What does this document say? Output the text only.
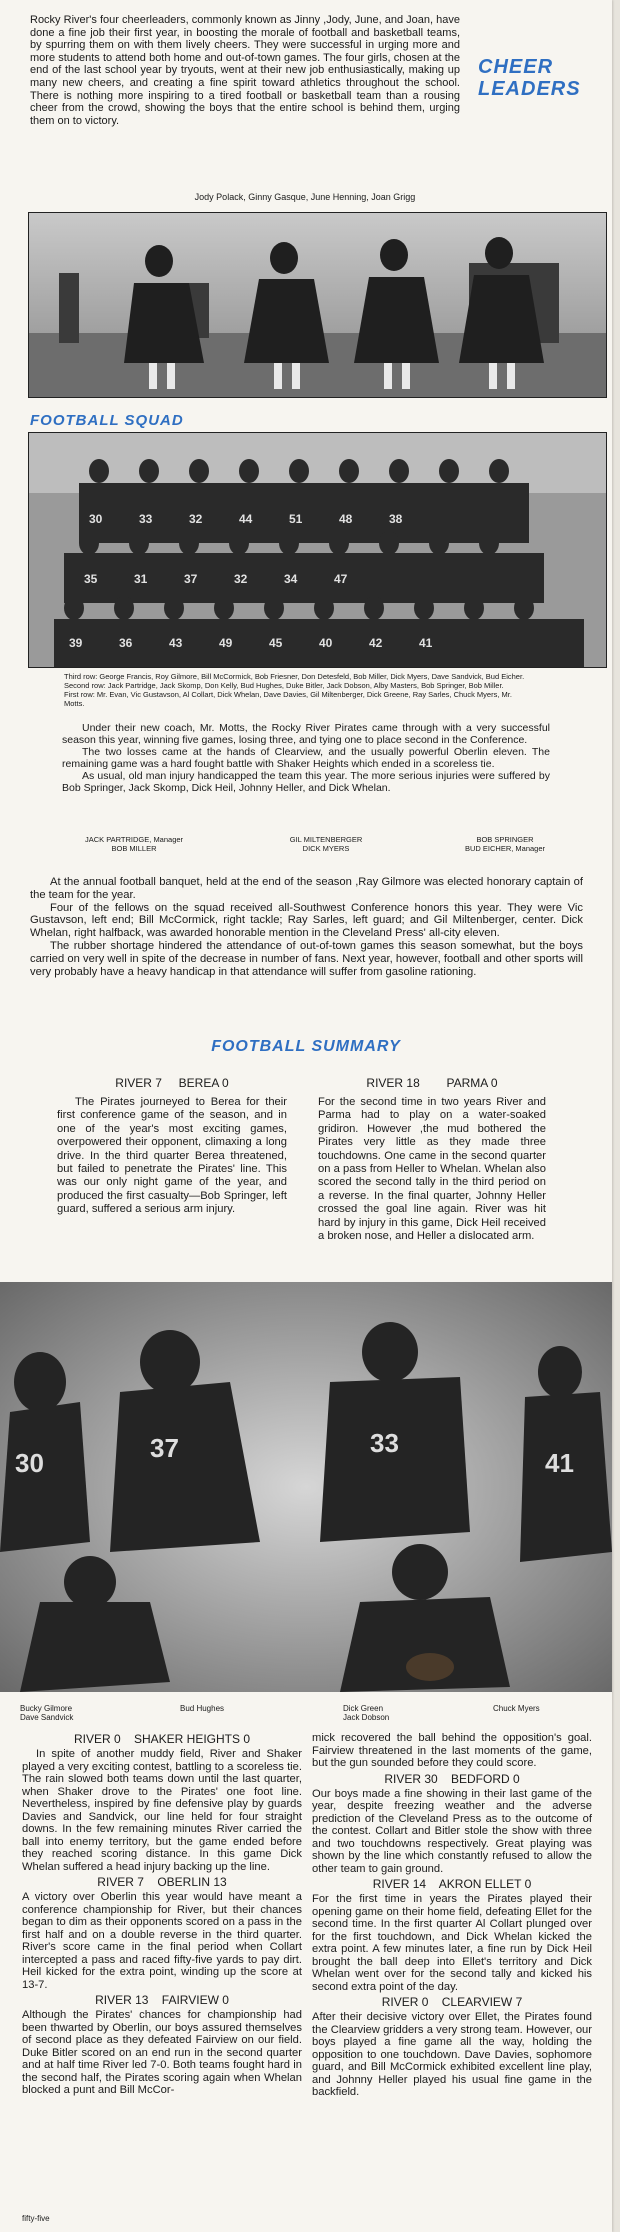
Rocky River's four cheerleaders, commonly known as Jinny ,Jody, June, and Joan, have done a fine job their first year, in boosting the morale of football and basketball teams, by spurring them on with them lively cheers. They were successful in urging more and more students to attend both home and out-of-town games. The four girls, chosen at the end of the last school year by tryouts, went at their new job enthusiastically, making up many new cheers, and creating a fine spirit toward athletics throughout the school. There is nothing more inspiring to a tired football or basketball team than a rousing cheer from the crowd, showing the boys that the entire school is behind them, urging them on to victory.
CHEER
LEADERS
Jody Polack, Ginny Gasque, June Henning, Joan Grigg
FOOTBALL SQUAD
30	33	32	44	51	48	38
35	31	37	32	34	47
39	36	43	49	45	40	42	41
Third row: George Francis, Roy Gilmore, Bill McCormick, Bob Friesner, Don Detesfeld, Bob Miller, Dick Myers, Dave Sandvick, Bud Eicher.
Second row: Jack Partridge, Jack Skomp, Don Kelly, Bud Hughes, Duke Bitler, Jack Dobson, Alby Masters, Bob Springer, Bob Miller.
First row: Mr. Evan, Vic Gustavson, Al Collart, Dick Whelan, Dave Davies, Gil Miltenberger, Dick Greene, Ray Sarles, Chuck Myers, Mr. Motts.
Under their new coach, Mr. Motts, the Rocky River Pirates came through with a very successful season this year, winning five games, losing three, and tying one to place second in the Conference.
The two losses came at the hands of Clearview, and the usually powerful Oberlin eleven. The remaining game was a hard fought battle with Shaker Heights which ended in a scoreless tie.
As usual, old man injury handicapped the team this year. The more serious injuries were suffered by Bob Springer, Jack Skomp, Dick Heil, Johnny Heller, and Dick Whelan.
JACK PARTRIDGE, Manager
BOB MILLER
GIL MILTENBERGER
DICK MYERS
BOB SPRINGER
BUD EICHER, Manager
At the annual football banquet, held at the end of the season ,Ray Gilmore was elected honorary captain of the team for the year.
Four of the fellows on the squad received all-Southwest Conference honors this year. They were Vic Gustavson, left end; Bill McCormick, right tackle; Ray Sarles, left guard; and Gil Miltenberger, center. Dick Whelan, right halfback, was awarded honorable mention in the Cleveland Press' all-city eleven.
The rubber shortage hindered the attendance of out-of-town games this season somewhat, but the boys carried on very well in spite of the decrease in number of fans. Next year, however, football and other sports will very probably have a heavy handicap in that attendance will suffer from gasoline rationing.
FOOTBALL SUMMARY
RIVER 7     BEREA 0
The Pirates journeyed to Berea for their first conference game of the season, and in one of the year's most exciting games, overpowered their opponent, climaxing a long drive. In the third quarter Berea threatened, but failed to penetrate the Pirates' line. This was our only night game of the year, and produced the first casualty—Bob Springer, left guard, suffered a serious arm injury.
RIVER 18        PARMA 0
For the second time in two years River and Parma had to play on a water-soaked gridiron. However ,the mud bothered the Pirates very little as they made three touchdowns. One came in the second quarter on a pass from Heller to Whelan. Whelan also scored the second tally in the third period on a reverse. In the final quarter, Johnny Heller crossed the goal line again. River was hit hard by injury in this game, Dick Heil received a broken nose, and Heller a dislocated arm.
30	37	33
41
Bucky Gilmore
Dave Sandvick
Bud Hughes	Dick Green
Jack Dobson
Chuck Myers
RIVER 0    SHAKER HEIGHTS 0
In spite of another muddy field, River and Shaker played a very exciting contest, battling to a scoreless tie. The rain slowed both teams down until the last quarter, when Shaker drove to the Pirates' one foot line. Nevertheless, inspired by fine defensive play by guards Davies and Sandvick, our line held for four straight downs. In the few remaining minutes River carried the ball into enemy territory, but the game ended before they reached scoring distance. In this game Dick Whelan suffered a head injury backing up the line.
RIVER 7    OBERLIN 13
A victory over Oberlin this year would have meant a conference championship for River, but their chances began to dim as their opponents scored on a pass in the first half and on a double reverse in the third quarter. River's score came in the final period when Collart intercepted a pass and raced fifty-five yards to pay dirt. Heil kicked for the extra point, winding up the score at 13-7.
RIVER 13    FAIRVIEW 0
Although the Pirates' chances for championship had been thwarted by Oberlin, our boys assured themselves of second place as they defeated Fairview on our field. Duke Bitler scored on an end run in the second quarter and at half time River led 7-0. Both teams fought hard in the second half, the Pirates scoring again when Whelan blocked a punt and Bill McCor-
mick recovered the ball behind the opposition's goal. Fairview threatened in the last moments of the game, but the gun sounded before they could score.
RIVER 30    BEDFORD 0
Our boys made a fine showing in their last game of the year, despite freezing weather and the adverse prediction of the Cleveland Press as to the outcome of the contest. Collart and Bitler stole the show with three and two touchdowns respectively. Great playing was shown by the line which constantly refused to allow the other team to gain ground.
RIVER 14    AKRON ELLET 0
For the first time in years the Pirates played their opening game on their home field, defeating Ellet for the second time. In the first quarter Al Collart plunged over for the first touchdown, and Dick Whelan kicked the extra point. A few minutes later, a fine run by Dick Heil brought the ball deep into Ellet's territory and Dick Whelan went over for the second tally and kicked his second extra point of the day.
RIVER 0    CLEARVIEW 7
After their decisive victory over Ellet, the Pirates found the Clearview gridders a very strong team. However, our boys played a fine game all the way, holding the opposition to one touchdown. Dave Davies, sophomore guard, and Bill McCormick exhibited excellent line play, and Johnny Heller played his usual fine game in the backfield.
fifty-five
